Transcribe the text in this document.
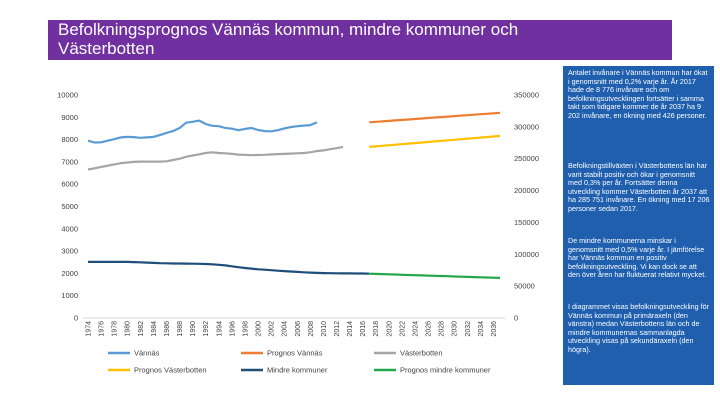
Befolkningsprognos Vännäs kommun, mindre kommuner och Västerbotten
0
1000
2000
3000
4000
5000
6000
7000
8000
9000
10000
0
50000
100000
150000
200000
250000
300000
350000
1974 1976 1978 1980 1982 1984 1986 1988 1990 1992 1994 1996 1998 2000 2002 2004 2006 2008 2010 2012 2014 2016 2018 2020 2022 2024 2026 2028 2030 2032 2034 2036
Vännäs	Prognos Vännäs	Västerbotten
Prognos Västerbotten	Mindre kommuner	Prognos mindre kommuner

Antalet invånare i Vännäs kommun har ökat i genomsnitt med 0,2% varje år. År 2017 hade de 8 776 invånare och om befolkningsutvecklingen fortsätter i samma takt som tidigare kommer de år 2037 ha 9 202 invånare, en ökning med 426 personer.

Befolkningstillväxten i Västerbottens län har varit stabilt positiv och ökar i genomsnitt med 0,3% per år. Fortsätter denna utveckling kommer Västerbotten år 2037 att ha 285 751 invånare. En ökning med 17 206 personer sedan 2017.

De mindre kommunerna minskar i genomsnitt med 0,5% varje år. I jämförelse har Vännäs kommun en positiv befolkningsutveckling. Vi kan dock se att den över åren har fluktuerat relativt mycket.

I diagrammet visas befolkningsutveckling för Vännäs kommun på primäraxeln (den vänstra) medan Västerbottens län och de mindre kommunernas sammanlagda utveckling visas på sekundäraxeln (den högra).
